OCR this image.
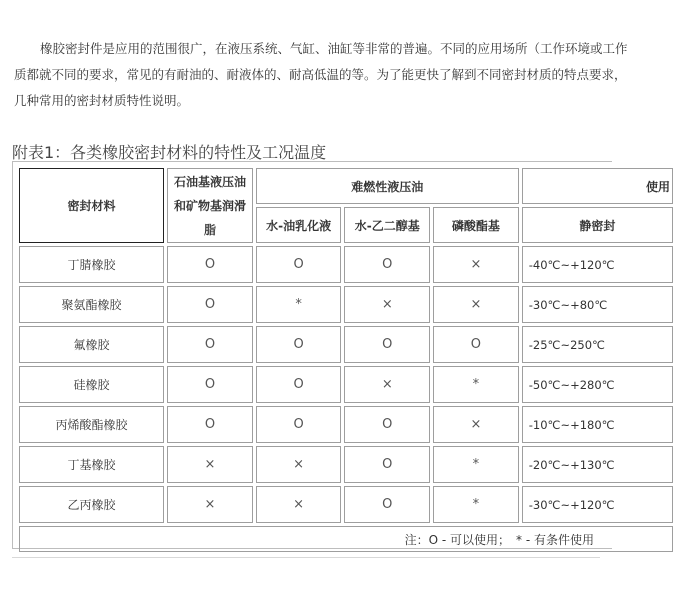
橡胶密封件是应用的范围很广，在液压系统、气缸、油缸等非常的普遍。不同的应用场所（工作环境或工作
质都就不同的要求，常见的有耐油的、耐液体的、耐高低温的等。为了能更快了解到不同密封材质的特点要求，
几种常用的密封材质特性说明。

附表1：各类橡胶密封材料的特性及工况温度

密封材料	石油基液压油和矿物基润滑脂	难燃性液压油			使用
		水-油乳化液	水-乙二醇基	磷酸酯基	静密封
丁腈橡胶	O	O	O	×	-40℃~+120℃
聚氨酯橡胶	O	*	×	×	-30℃~+80℃
氟橡胶	O	O	O	O	-25℃~250℃
硅橡胶	O	O	×	*	-50℃~+280℃
丙烯酸酯橡胶	O	O	O	×	-10℃~+180℃
丁基橡胶	×	×	O	*	-20℃~+130℃
乙丙橡胶	×	×	O	*	-30℃~+120℃
注：O - 可以使用；　* - 有条件使用					
